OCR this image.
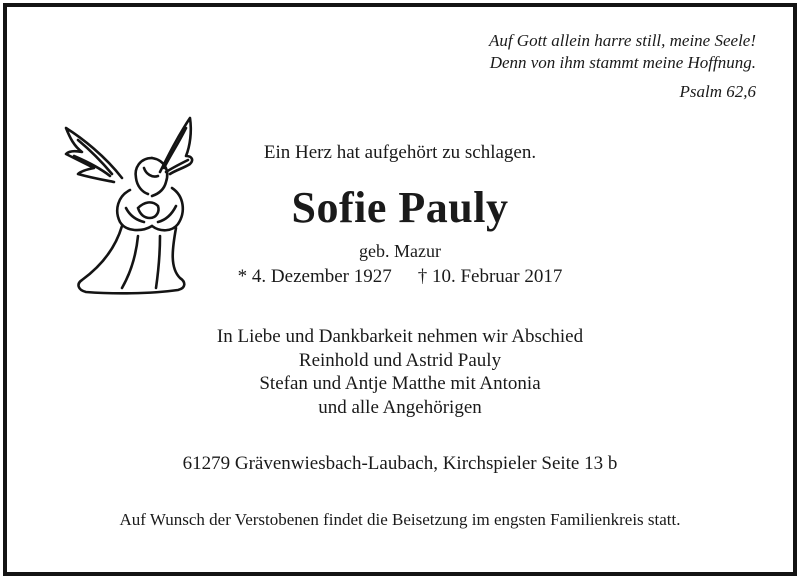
Auf Gott allein harre still, meine Seele!
Denn von ihm stammt meine Hoffnung.
Psalm 62,6
Ein Herz hat aufgehört zu schlagen.
Sofie Pauly
geb. Mazur
* 4. Dezember 1927 † 10. Februar 2017
In Liebe und Dankbarkeit nehmen wir Abschied
Reinhold und Astrid Pauly
Stefan und Antje Matthe mit Antonia
und alle Angehörigen
61279 Grävenwiesbach-Laubach, Kirchspieler Seite 13 b
Auf Wunsch der Verstobenen findet die Beisetzung im engsten Familienkreis statt.
